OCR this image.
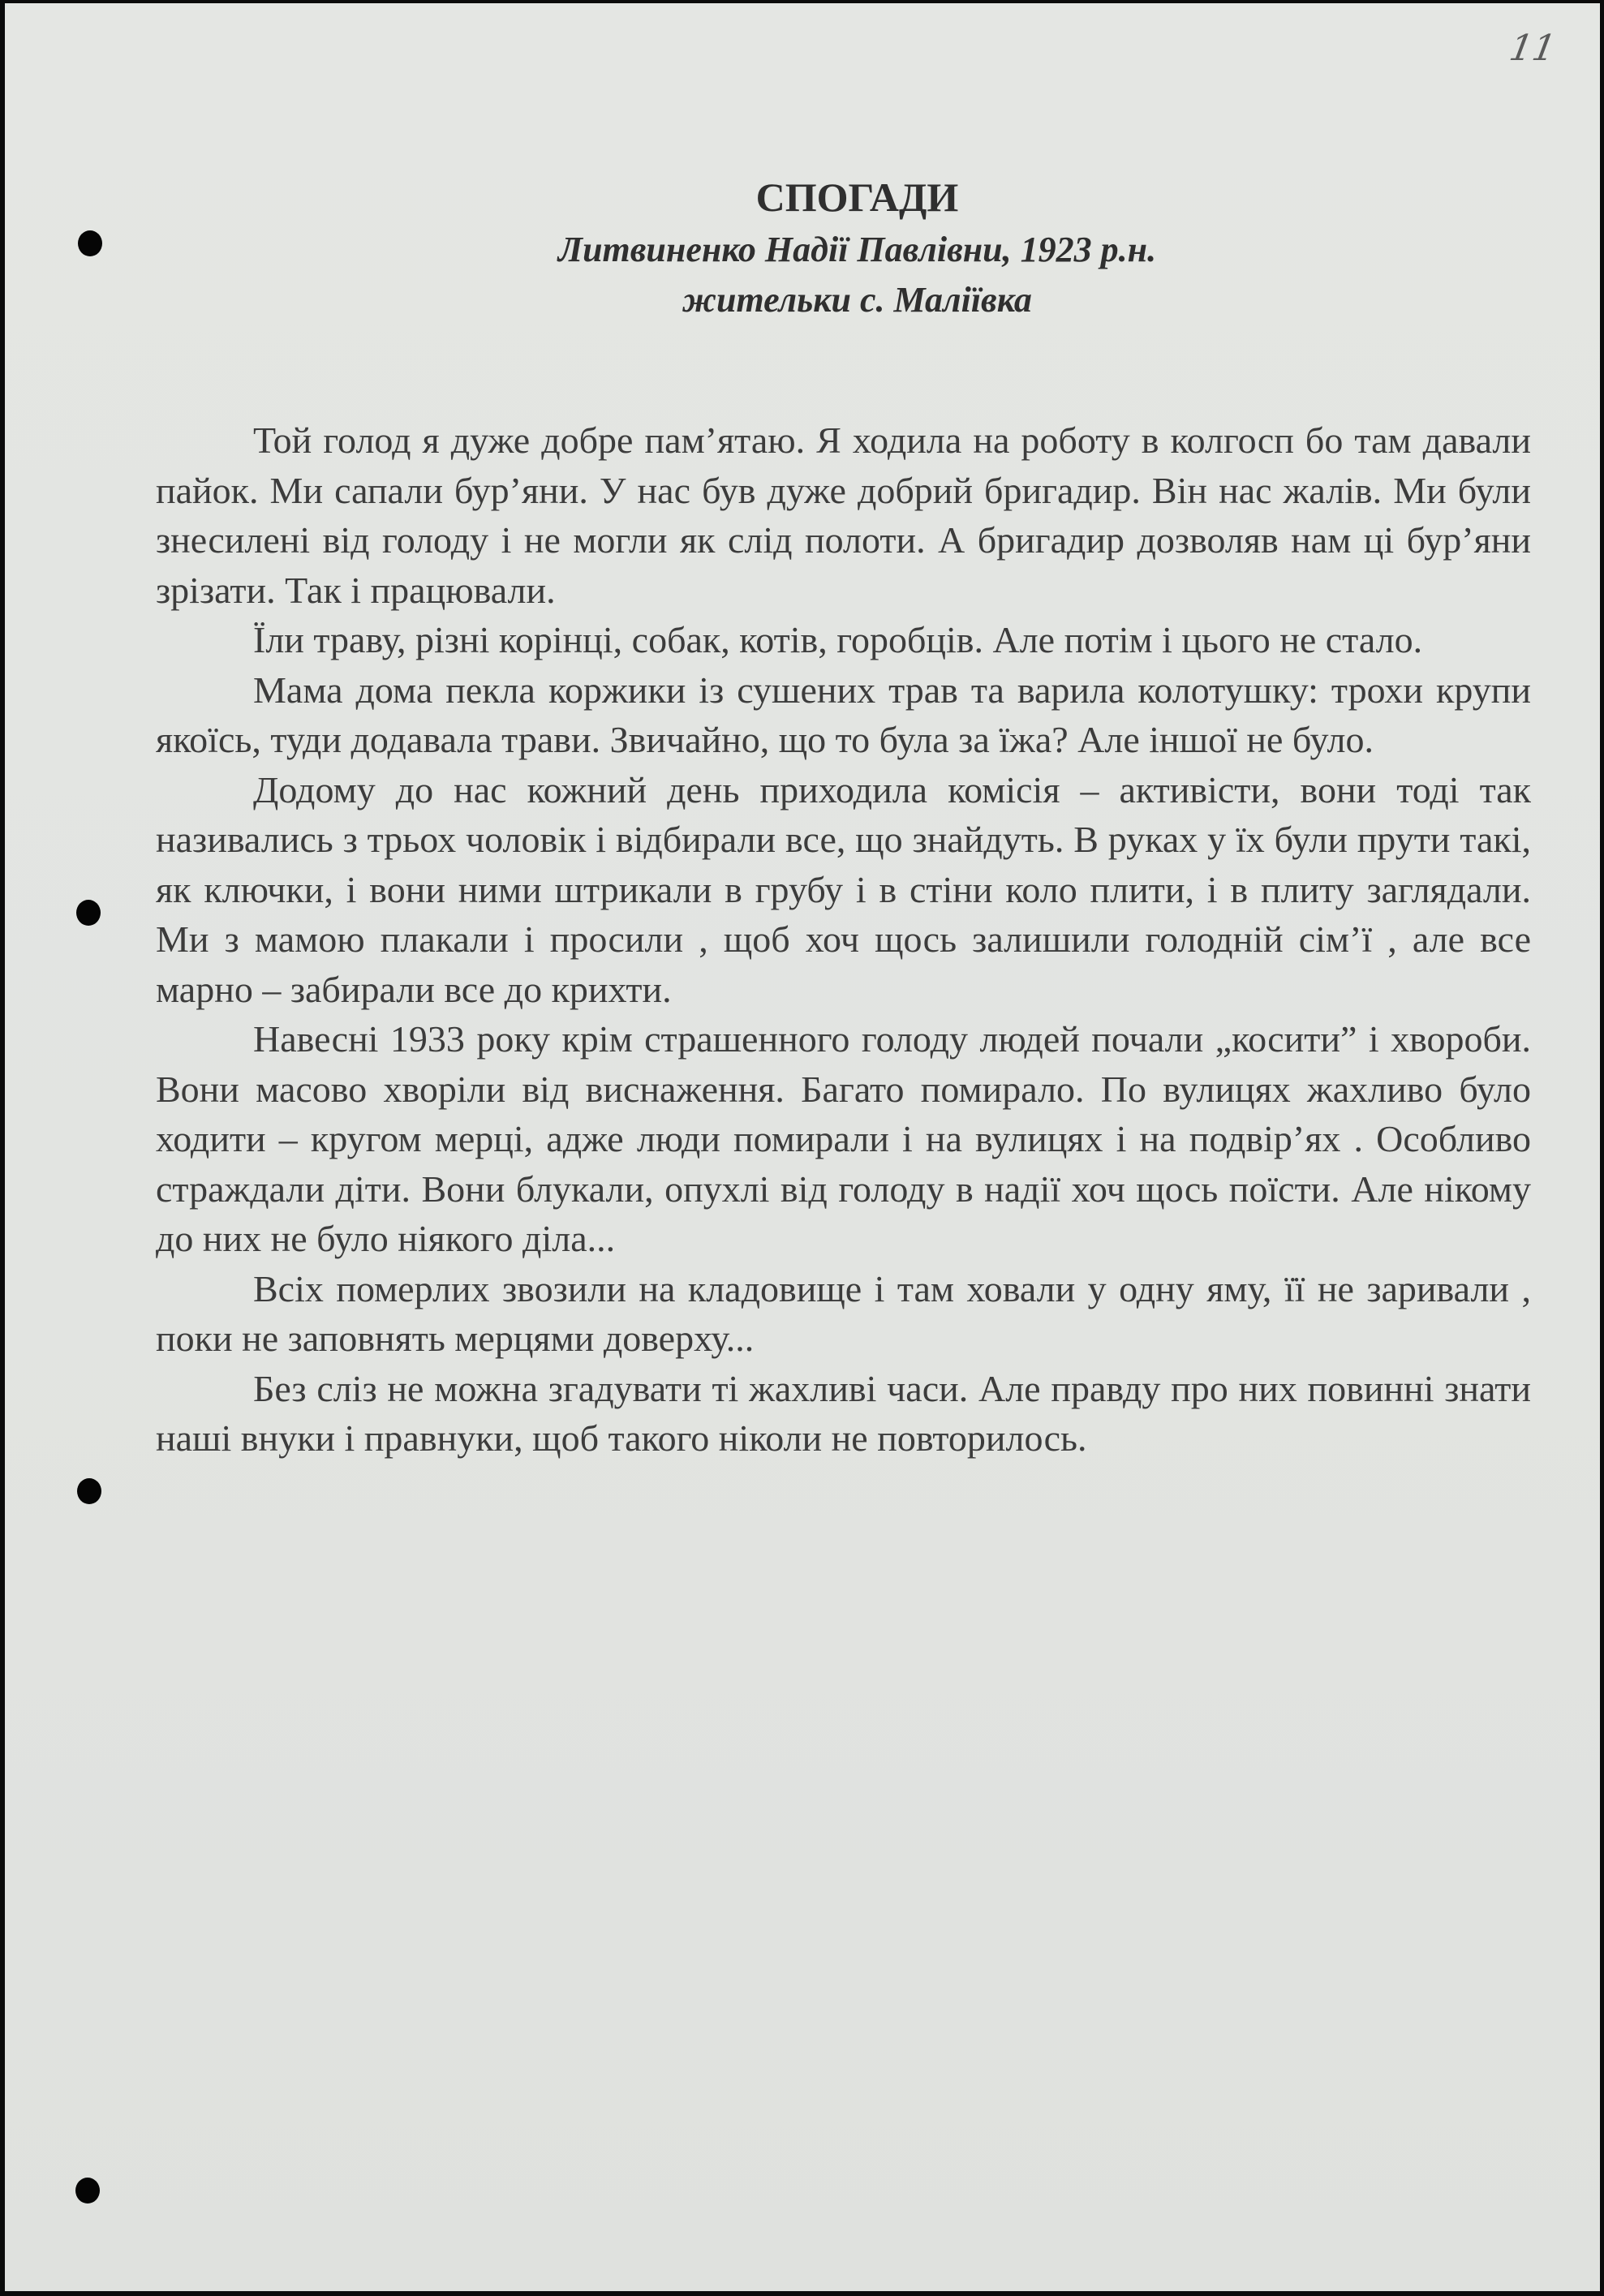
11
СПОГАДИ
Литвиненко Надії Павлівни, 1923 р.н.
жительки с. Маліївка

Той голод я дуже добре пам’ятаю. Я ходила на роботу в колгосп бо там давали пайок. Ми сапали бур’яни. У нас був дуже добрий бригадир. Він нас жалів. Ми були знесилені від голоду і не могли як слід полоти. А бригадир дозволяв нам ці бур’яни зрізати. Так і працювали.

Їли траву, різні корінці, собак, котів, горобців. Але потім і цього не стало.

Мама дома пекла коржики із сушених трав та варила колотушку: трохи крупи якоїсь, туди додавала трави. Звичайно, що то була за їжа? Але іншої не було.

Додому до нас кожний день приходила комісія – активісти, вони тоді так називались з трьох чоловік і відбирали все, що знайдуть. В руках у їх були прути такі, як ключки, і вони ними штрикали в грубу і в стіни коло плити, і в плиту заглядали. Ми з мамою плакали і просили , щоб хоч щось залишили голодній сім’ї , але все марно – забирали все до крихти.

Навесні 1933 року крім страшенного голоду людей почали „косити” і хвороби. Вони масово хворіли від виснаження. Багато помирало. По вулицях жахливо було ходити – кругом мерці, адже люди помирали і на вулицях і на подвір’ях . Особливо страждали діти. Вони блукали, опухлі від голоду в надії хоч щось поїсти. Але нікому до них не було ніякого діла...

Всіх померлих звозили на кладовище і там ховали у одну яму, її не заривали , поки не заповнять мерцями доверху...

Без сліз не можна згадувати ті жахливі часи. Але правду про них повинні знати наші внуки і правнуки, щоб такого ніколи не повторилось.
